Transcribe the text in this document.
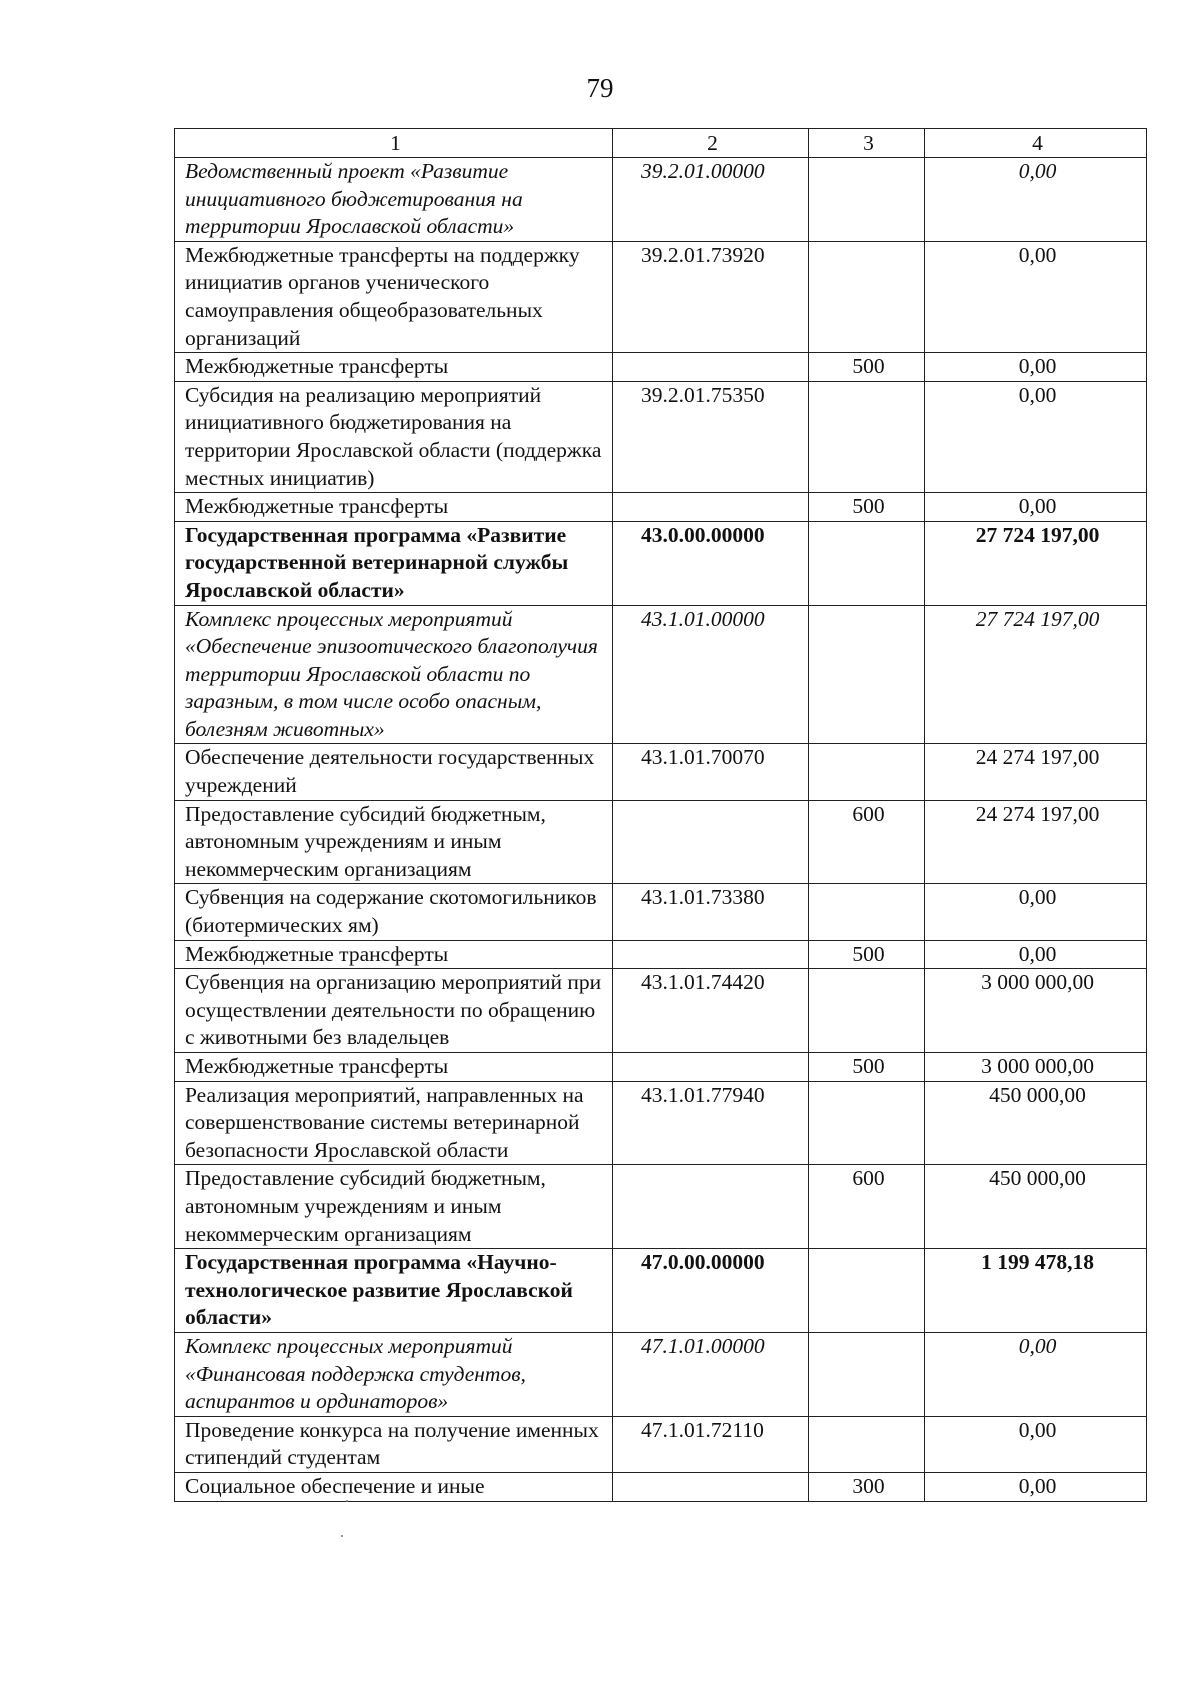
79
1	2	3	4
Ведомственный проект «Развитие инициативного бюджетирования на территории Ярославской области»	39.2.01.00000		0,00
Межбюджетные трансферты на поддержку инициатив органов ученического самоуправления общеобразовательных организаций	39.2.01.73920		0,00
Межбюджетные трансферты		500	0,00
Субсидия на реализацию мероприятий инициативного бюджетирования на территории Ярославской области (поддержка местных инициатив)	39.2.01.75350		0,00
Межбюджетные трансферты		500	0,00
Государственная программа «Развитие государственной ветеринарной службы Ярославской области»	43.0.00.00000		27 724 197,00
Комплекс процессных мероприятий «Обеспечение эпизоотического благополучия территории Ярославской области по заразным, в том числе особо опасным, болезням животных»	43.1.01.00000		27 724 197,00
Обеспечение деятельности государственных учреждений	43.1.01.70070		24 274 197,00
Предоставление субсидий бюджетным, автономным учреждениям и иным некоммерческим организациям		600	24 274 197,00
Субвенция на содержание скотомогильников (биотермических ям)	43.1.01.73380		0,00
Межбюджетные трансферты		500	0,00
Субвенция на организацию мероприятий при осуществлении деятельности по обращению с животными без владельцев	43.1.01.74420		3 000 000,00
Межбюджетные трансферты		500	3 000 000,00
Реализация мероприятий, направленных на совершенствование системы ветеринарной безопасности Ярославской области	43.1.01.77940		450 000,00
Предоставление субсидий бюджетным, автономным учреждениям и иным некоммерческим организациям		600	450 000,00
Государственная программа «Научно-технологическое развитие Ярославской области»	47.0.00.00000		1 199 478,18
Комплекс процессных мероприятий «Финансовая поддержка студентов, аспирантов и ординаторов»	47.1.01.00000		0,00
Проведение конкурса на получение именных стипендий студентам	47.1.01.72110		0,00
Социальное обеспечение и иные		300	0,00
